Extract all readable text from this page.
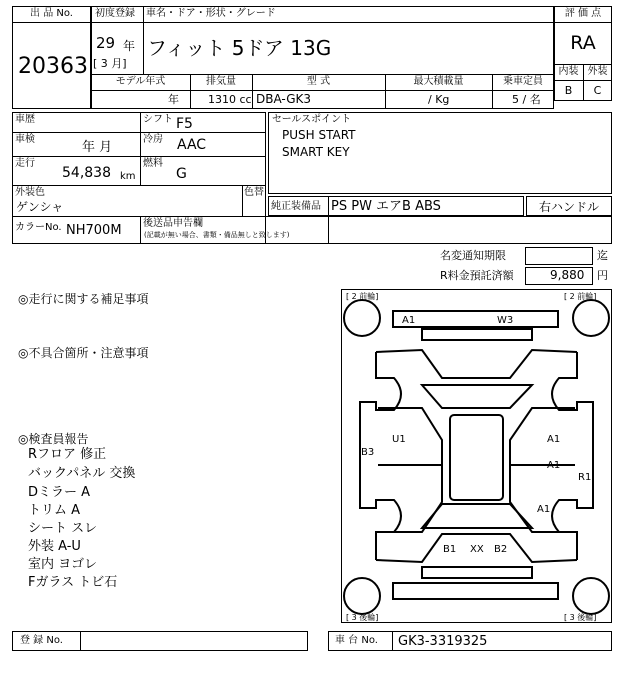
出 品 No.
20363
初度登録 車名・ドア・形状・グレード
29 年
[ 3 月]
フィット 5ドア 13G
モデル年式	排気量	型 式	最大積載量	乗車定員
年	1310 cc DBA-GK3	/ Kg	5 / 名
評 価 点
RA
内装 外装
B	C
車歴	シフト F5
車検
年 月
冷房 AAC
走行
54,838 km
燃料
G
外装色
ゲンシャ
色替
カラーNo. NH700M
セールスポイント
PUSH START
SMART KEY
純正装備品 PS PW エアB ABS	右ハンドル
後送品申告欄
(記載が無い場合、書類・備品無しと致します)
名変通知期限	迄
R料金預託済額	9,880 円
◎走行に関する補足事項
◎不具合箇所・注意事項
◎検査員報告
Rフロア 修正
バックパネル 交換
Dミラー A
トリム A
シート スレ
外装 A-U
室内 ヨゴレ
Fガラス トビ石
[ 2 前輪]	[ 2 前輪]
[ 3 後輪]	[ 3 後輪]
A1	W3
B3
U1	A1
A1
R1
A1
B1 XX B2
登 録 No.	車 台 No. GK3-3319325
